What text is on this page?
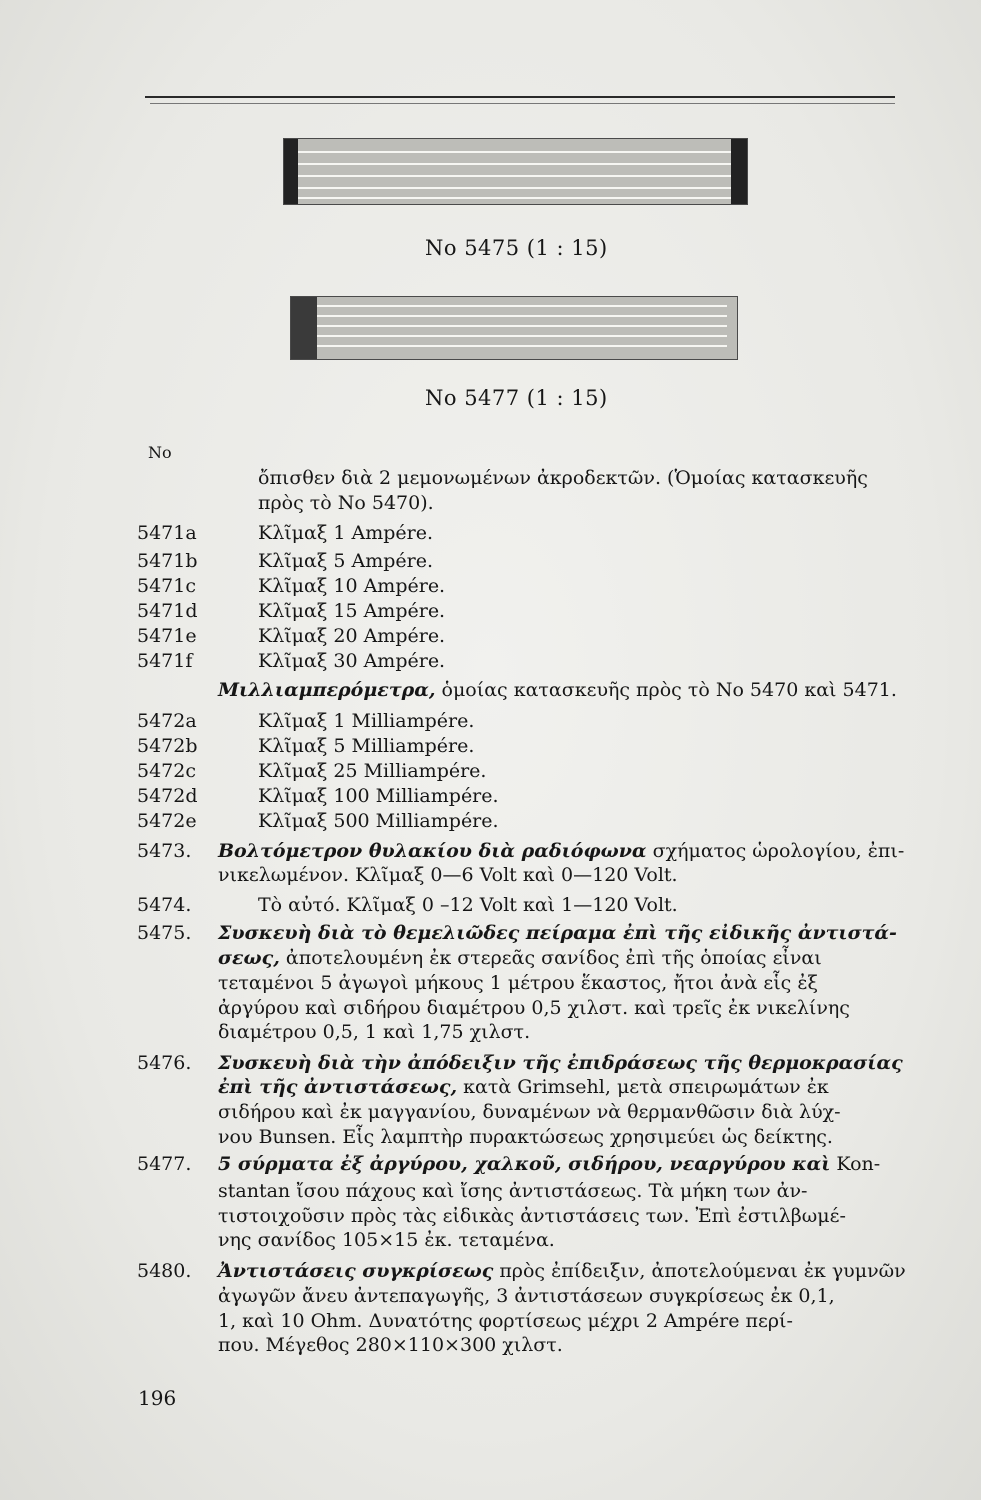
No 5475 (1 : 15)
No 5477 (1 : 15)
No
ὄπισθεν διὰ 2 μεμονωμένων ἀκροδεκτῶν. (Ὁμοίας κατασκευῆς
πρὸς τὸ No 5470).
5471a	Κλῖμαξ 1 Ampére.
5471b	Κλῖμαξ 5 Ampére.
5471c	Κλῖμαξ 10 Ampére.
5471d	Κλῖμαξ 15 Ampére.
5471e	Κλῖμαξ 20 Ampére.
5471f	Κλῖμαξ 30 Ampére.
Μιλλιαμπερόμετρα, ὁμοίας κατασκευῆς πρὸς τὸ No 5470 καὶ 5471.
5472a	Κλῖμαξ 1 Milliampére.
5472b	Κλῖμαξ 5 Milliampére.
5472c	Κλῖμαξ 25 Milliampére.
5472d	Κλῖμαξ 100 Milliampére.
5472e	Κλῖμαξ 500 Milliampére.
5473. Βολτόμετρον θυλακίου διὰ ραδιόφωνα σχήματος ὡρολογίου, ἐπι-
νικελωμένον. Κλῖμαξ 0—6 Volt καὶ 0—120 Volt.
5474.	Τὸ αὐτό. Κλῖμαξ 0 –12 Volt καὶ 1—120 Volt.
5475. Συσκευὴ διὰ τὸ θεμελιῶδες πείραμα ἐπὶ τῆς εἰδικῆς ἀντιστά-
σεως, ἀποτελουμένη ἐκ στερεᾶς σανίδος ἐπὶ τῆς ὁποίας εἶναι
τεταμένοι 5 ἀγωγοὶ μήκους 1 μέτρου ἕκαστος, ἤτοι ἀνὰ εἷς ἐξ
ἀργύρου καὶ σιδήρου διαμέτρου 0,5 χιλστ. καὶ τρεῖς ἐκ νικελίνης
διαμέτρου 0,5, 1 καὶ 1,75 χιλστ.
5476. Συσκευὴ διὰ τὴν ἀπόδειξιν τῆς ἐπιδράσεως τῆς θερμοκρασίας
ἐπὶ τῆς ἀντιστάσεως, κατὰ Grimsehl, μετὰ σπειρωμάτων ἐκ
σιδήρου καὶ ἐκ μαγγανίου, δυναμένων νὰ θερμανθῶσιν διὰ λύχ-
νου Bunsen. Εἷς λαμπτὴρ πυρακτώσεως χρησιμεύει ὡς δείκτης.
5477. 5 σύρματα ἐξ ἀργύρου, χαλκοῦ, σιδήρου, νεαργύρου καὶ Kon-
stantan ἴσου πάχους καὶ ἴσης ἀντιστάσεως. Τὰ μήκη των ἀν-
τιστοιχοῦσιν πρὸς τὰς εἰδικὰς ἀντιστάσεις των. Ἐπὶ ἐστιλβωμέ-
νης σανίδος 105×15 ἐκ. τεταμένα.
5480. Ἀντιστάσεις συγκρίσεως πρὸς ἐπίδειξιν, ἀποτελούμεναι ἐκ γυμνῶν
ἀγωγῶν ἄνευ ἀντεπαγωγῆς, 3 ἀντιστάσεων συγκρίσεως ἐκ 0,1,
1, καὶ 10 Ohm. Δυνατότης φορτίσεως μέχρι 2 Ampére περί-
που. Μέγεθος 280×110×300 χιλστ.
196
